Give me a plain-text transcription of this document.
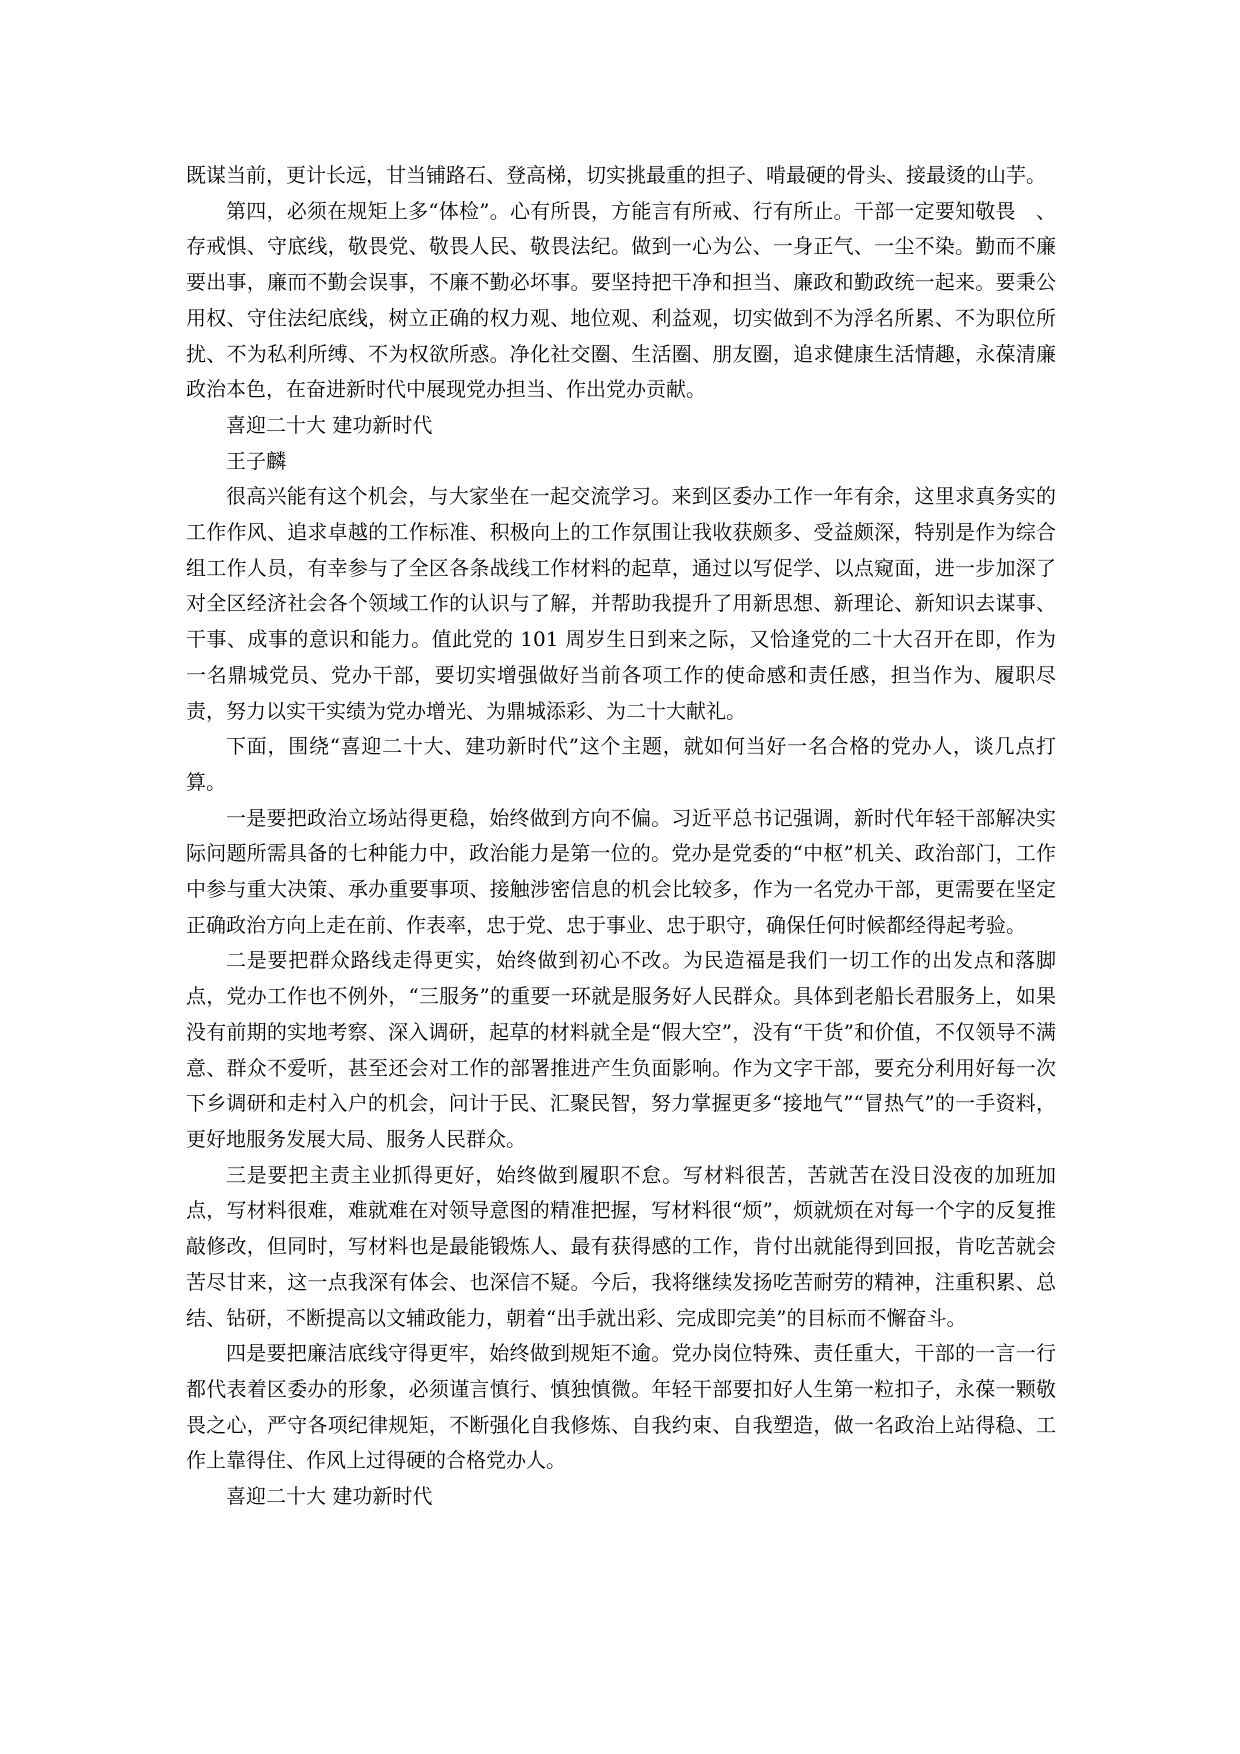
既谋当前，更计长远，甘当铺路石、登高梯，切实挑最重的担子、啃最硬的骨头、接最烫的山芋。

第四，必须在规矩上多“体检”。心有所畏，方能言有所戒、行有所止。干部一定要知敬畏　、存戒惧、守底线，敬畏党、敬畏人民、敬畏法纪。做到一心为公、一身正气、一尘不染。勤而不廉要出事，廉而不勤会误事，不廉不勤必坏事。要坚持把干净和担当、廉政和勤政统一起来。要秉公用权、守住法纪底线，树立正确的权力观、地位观、利益观，切实做到不为浮名所累、不为职位所扰、不为私利所缚、不为权欲所惑。净化社交圈、生活圈、朋友圈，追求健康生活情趣，永葆清廉政治本色，在奋进新时代中展现党办担当、作出党办贡献。

喜迎二十大 建功新时代

王子麟

很高兴能有这个机会，与大家坐在一起交流学习。来到区委办工作一年有余，这里求真务实的工作作风、追求卓越的工作标准、积极向上的工作氛围让我收获颇多、受益颇深，特别是作为综合组工作人员，有幸参与了全区各条战线工作材料的起草，通过以写促学、以点窥面，进一步加深了对全区经济社会各个领域工作的认识与了解，并帮助我提升了用新思想、新理论、新知识去谋事、干事、成事的意识和能力。值此党的 101 周岁生日到来之际，又恰逢党的二十大召开在即，作为一名鼎城党员、党办干部，要切实增强做好当前各项工作的使命感和责任感，担当作为、履职尽责，努力以实干实绩为党办增光、为鼎城添彩、为二十大献礼。

下面，围绕“喜迎二十大、建功新时代”这个主题，就如何当好一名合格的党办人，谈几点打算。

一是要把政治立场站得更稳，始终做到方向不偏。习近平总书记强调，新时代年轻干部解决实际问题所需具备的七种能力中，政治能力是第一位的。党办是党委的“中枢”机关、政治部门，工作中参与重大决策、承办重要事项、接触涉密信息的机会比较多，作为一名党办干部，更需要在坚定正确政治方向上走在前、作表率，忠于党、忠于事业、忠于职守，确保任何时候都经得起考验。

二是要把群众路线走得更实，始终做到初心不改。为民造福是我们一切工作的出发点和落脚点，党办工作也不例外，“三服务”的重要一环就是服务好人民群众。具体到老船长君服务上，如果没有前期的实地考察、深入调研，起草的材料就全是“假大空”，没有“干货”和价值，不仅领导不满意、群众不爱听，甚至还会对工作的部署推进产生负面影响。作为文字干部，要充分利用好每一次下乡调研和走村入户的机会，问计于民、汇聚民智，努力掌握更多“接地气”“冒热气”的一手资料，更好地服务发展大局、服务人民群众。

三是要把主责主业抓得更好，始终做到履职不怠。写材料很苦，苦就苦在没日没夜的加班加点，写材料很难，难就难在对领导意图的精准把握，写材料很“烦”，烦就烦在对每一个字的反复推敲修改，但同时，写材料也是最能锻炼人、最有获得感的工作，肯付出就能得到回报，肯吃苦就会苦尽甘来，这一点我深有体会、也深信不疑。今后，我将继续发扬吃苦耐劳的精神，注重积累、总结、钻研，不断提高以文辅政能力，朝着“出手就出彩、完成即完美”的目标而不懈奋斗。

四是要把廉洁底线守得更牢，始终做到规矩不逾。党办岗位特殊、责任重大，干部的一言一行都代表着区委办的形象，必须谨言慎行、慎独慎微。年轻干部要扣好人生第一粒扣子，永葆一颗敬畏之心，严守各项纪律规矩，不断强化自我修炼、自我约束、自我塑造，做一名政治上站得稳、工作上靠得住、作风上过得硬的合格党办人。

喜迎二十大 建功新时代
